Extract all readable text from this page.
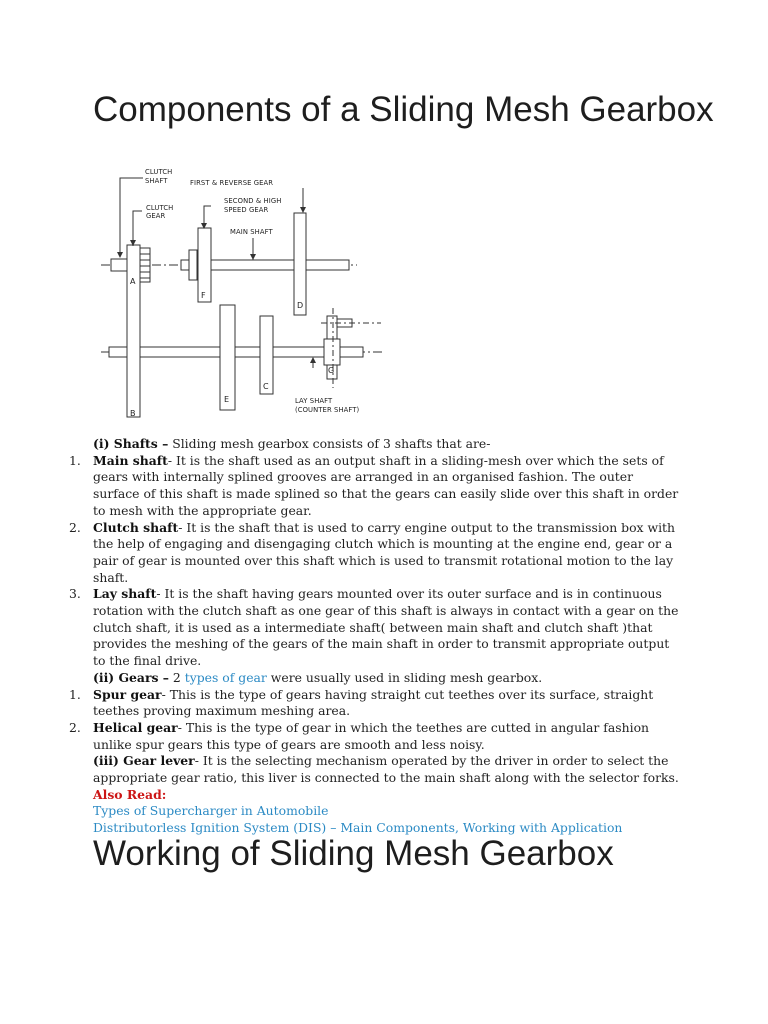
Components of a Sliding Mesh Gearbox
CLUTCH
SHAFT	FIRST & REVERSE GEAR
CLUTCH
GEAR
SECOND & HIGH
SPEED GEAR
MAIN SHAFT
LAY SHAFT
(COUNTER SHAFT)
A
B
C
D
E
F
G

(i) Shafts – Sliding mesh gearbox consists of 3 shafts that are-

1. Main shaft- It is the shaft used as an output shaft in a sliding-mesh over which the sets of gears with internally splined grooves are arranged in an organised fashion. The outer surface of this shaft is made splined so that the gears can easily slide over this shaft in order to mesh with the appropriate gear.
2. Clutch shaft- It is the shaft that is used to carry engine output to the transmission box with the help of engaging and disengaging clutch which is mounting at the engine end, gear or a pair of gear is mounted over this shaft which is used to transmit rotational motion to the lay shaft.
3. Lay shaft- It is the shaft having gears mounted over its outer surface and is in continuous rotation with the clutch shaft as one gear of this shaft is always in contact with a gear on the clutch shaft, it is used as a intermediate shaft( between main shaft and clutch shaft )that provides the meshing of the gears of the main shaft in order to transmit appropriate output to the final drive.

(ii) Gears – 2 types of gear were usually used in sliding mesh gearbox.

1. Spur gear- This is the type of gears having straight cut teethes over its surface, straight teethes proving maximum meshing area.
2. Helical gear- This is the type of gear in which the teethes are cutted in angular fashion unlike spur gears this type of gears are smooth and less noisy.

(iii) Gear lever- It is the selecting mechanism operated by the driver in order to select the appropriate gear ratio, this liver is connected to the main shaft along with the selector forks.

Also Read:

Types of Supercharger in Automobile

Distributorless Ignition System (DIS) – Main Components, Working with Application

Working of Sliding Mesh Gearbox
